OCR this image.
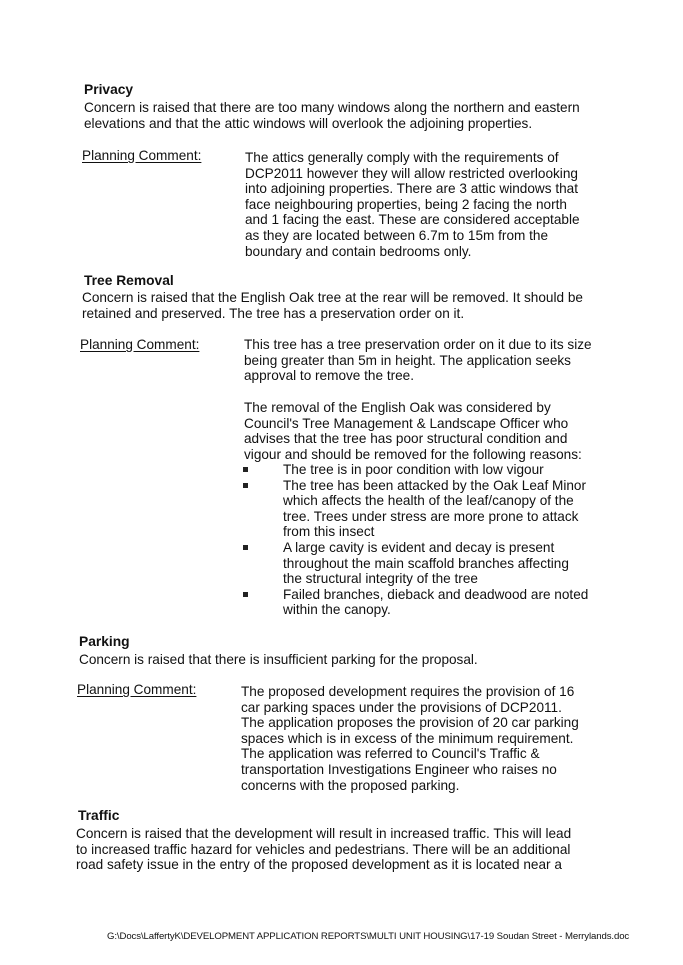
Privacy
Concern is raised that there are too many windows along the northern and eastern
elevations and that the attic windows will overlook the adjoining properties.
Planning Comment:	The attics generally comply with the requirements of
DCP2011 however they will allow restricted overlooking
into adjoining properties. There are 3 attic windows that
face neighbouring properties, being 2 facing the north
and 1 facing the east. These are considered acceptable
as they are located between 6.7m to 15m from the
boundary and contain bedrooms only.
Tree Removal
Concern is raised that the English Oak tree at the rear will be removed. It should be
retained and preserved. The tree has a preservation order on it.
Planning Comment:	This tree has a tree preservation order on it due to its size
being greater than 5m in height. The application seeks
approval to remove the tree.
The removal of the English Oak was considered by
Council's Tree Management & Landscape Officer who
advises that the tree has poor structural condition and
vigour and should be removed for the following reasons:
The tree is in poor condition with low vigour
The tree has been attacked by the Oak Leaf Minor
which affects the health of the leaf/canopy of the
tree. Trees under stress are more prone to attack
from this insect
A large cavity is evident and decay is present
throughout the main scaffold branches affecting
the structural integrity of the tree
Failed branches, dieback and deadwood are noted
within the canopy.
Parking
Concern is raised that there is insufficient parking for the proposal.
Planning Comment:	The proposed development requires the provision of 16
car parking spaces under the provisions of DCP2011.
The application proposes the provision of 20 car parking
spaces which is in excess of the minimum requirement.
The application was referred to Council's Traffic &
transportation Investigations Engineer who raises no
concerns with the proposed parking.
Traffic
Concern is raised that the development will result in increased traffic. This will lead
to increased traffic hazard for vehicles and pedestrians. There will be an additional
road safety issue in the entry of the proposed development as it is located near a
G:\Docs\LaffertyK\DEVELOPMENT APPLICATION REPORTS\MULTI UNIT HOUSING\17-19 Soudan Street - Merrylands.doc
